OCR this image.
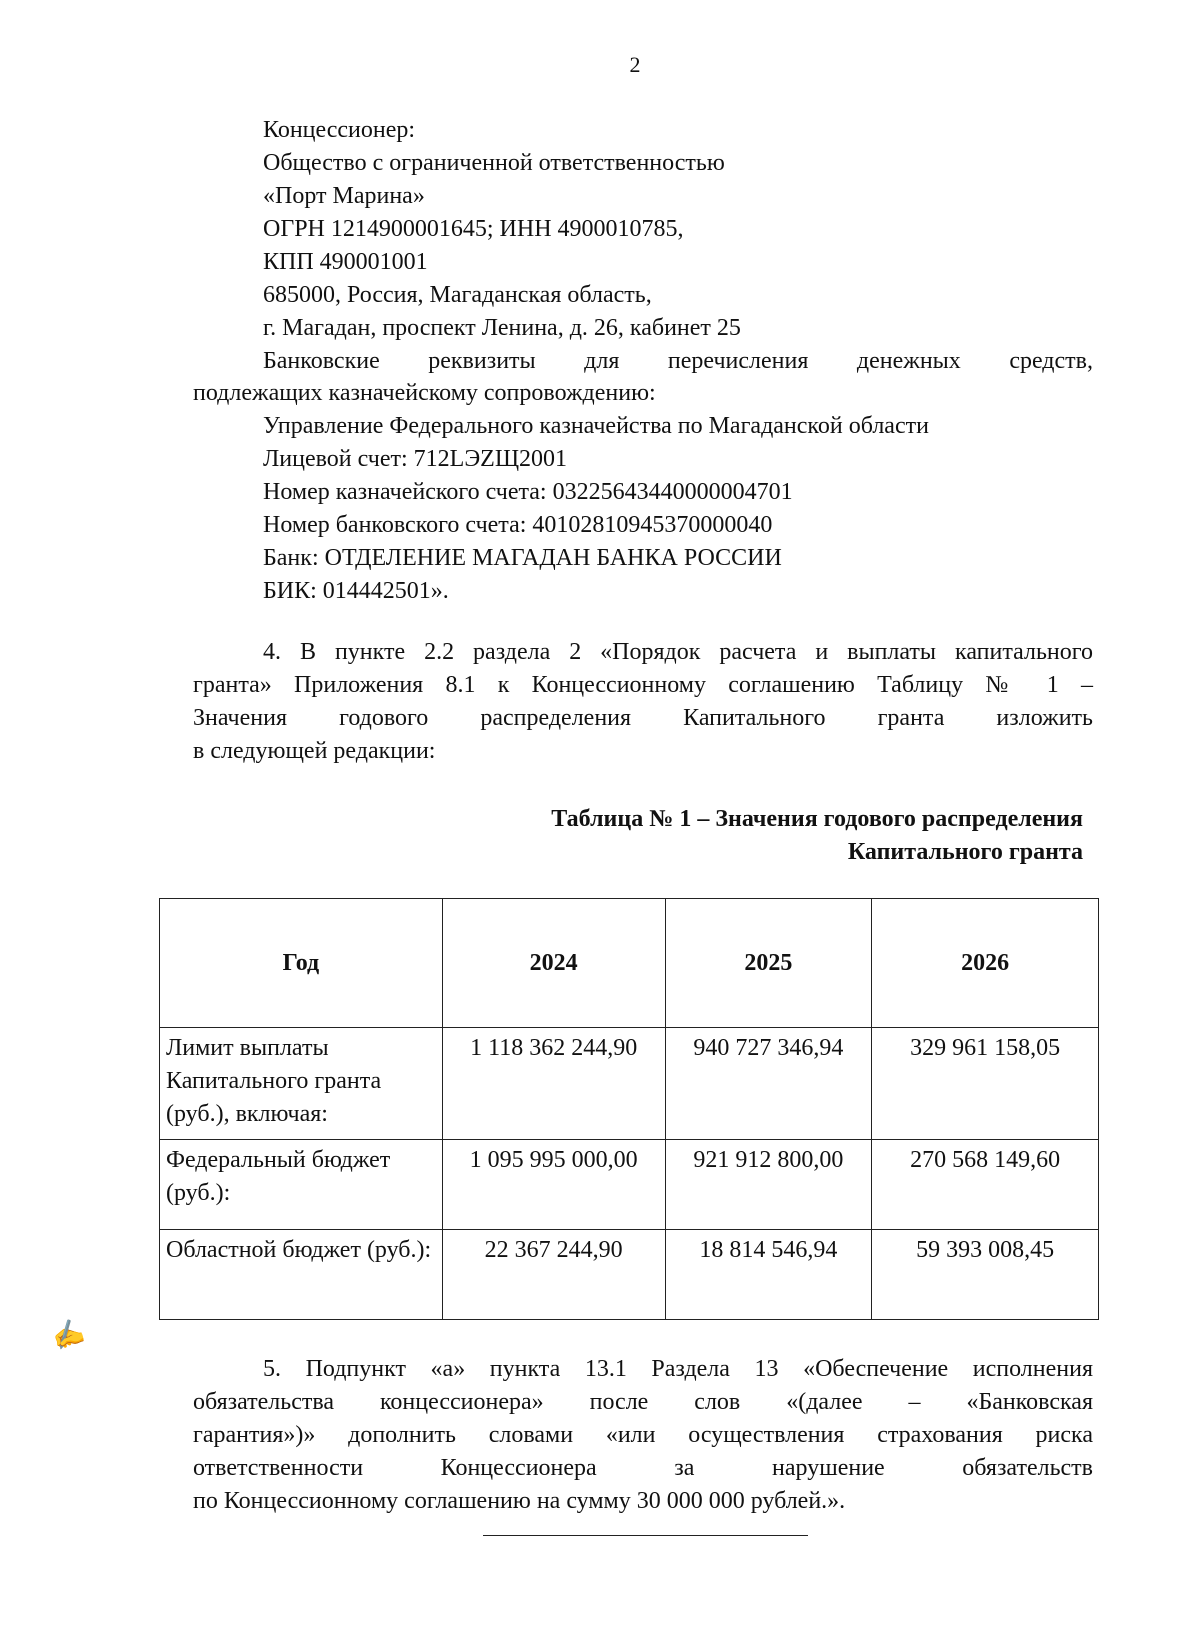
2
Концессионер:
Общество с ограниченной ответственностью
«Порт Марина»
ОГРН 1214900001645; ИНН 4900010785,
КПП 490001001
685000, Россия, Магаданская область,
г. Магадан, проспект Ленина, д. 26, кабинет 25
Банковские реквизиты для перечисления денежных средств,
подлежащих казначейскому сопровождению:
Управление Федерального казначейства по Магаданской области
Лицевой счет: 712LЭZЩ2001
Номер казначейского счета: 03225643440000004701
Номер банковского счета: 40102810945370000040
Банк: ОТДЕЛЕНИЕ МАГАДАН БАНКА РОССИИ
БИК: 014442501».
4. В пункте 2.2 раздела 2 «Порядок расчета и выплаты капитального
гранта» Приложения 8.1 к Концессионному соглашению Таблицу № 1 –
Значения годового распределения Капитального гранта изложить
в следующей редакции:
Таблица № 1 – Значения годового распределения
Капитального гранта
Год	2024	2025	2026
Лимит выплаты Капитального гранта (руб.), включая:	1 118 362 244,90	940 727 346,94	329 961 158,05
Федеральный бюджет (руб.):	1 095 995 000,00	921 912 800,00	270 568 149,60
Областной бюджет (руб.):	22 367 244,90	18 814 546,94	59 393 008,45
✍
5. Подпункт «а» пункта 13.1 Раздела 13 «Обеспечение исполнения
обязательства концессионера» после слов «(далее – «Банковская
гарантия»)» дополнить словами «или осуществления страхования риска
ответственности Концессионера за нарушение обязательств
по Концессионному соглашению на сумму 30 000 000 рублей.».
